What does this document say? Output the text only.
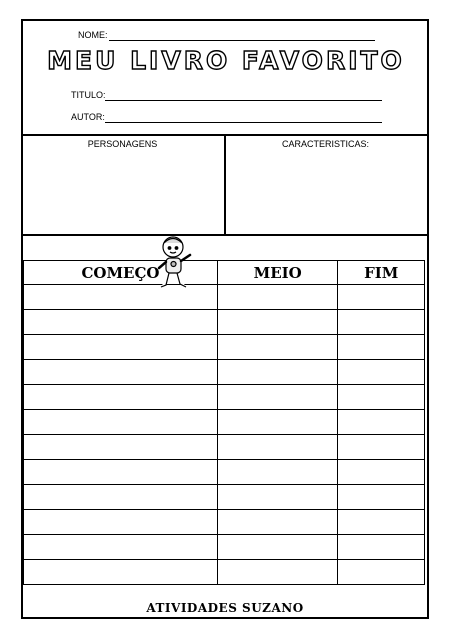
NOME:
TITULO:
AUTOR:
MEU LIVRO FAVORITO
PERSONAGENS	CARACTERISTICAS:
COMEÇO	MEIO	FIM

ATIVIDADES SUZANO
